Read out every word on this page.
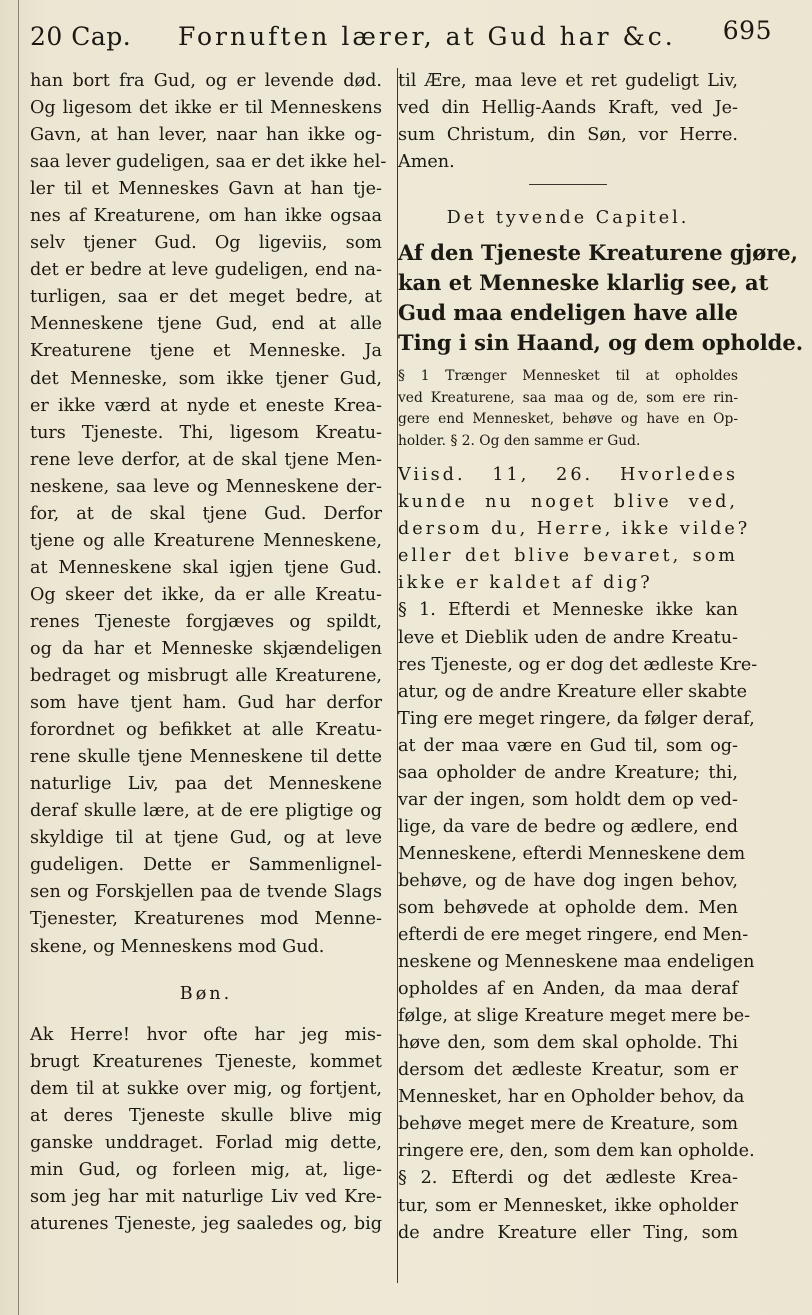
20 Cap. Fornuften lærer, at Gud har &c. 695
han bort fra Gud, og er levende død.
Og ligesom det ikke er til Menneskens
Gavn, at han lever, naar han ikke og-
saa lever gudeligen, saa er det ikke hel-
ler til et Menneskes Gavn at han tje-
nes af Kreaturene, om han ikke ogsaa
selv tjener Gud. Og ligeviis, som
det er bedre at leve gudeligen, end na-
turligen, saa er det meget bedre, at
Menneskene tjene Gud, end at alle
Kreaturene tjene et Menneske. Ja
det Menneske, som ikke tjener Gud,
er ikke værd at nyde et eneste Krea-
turs Tjeneste. Thi, ligesom Kreatu-
rene leve derfor, at de skal tjene Men-
neskene, saa leve og Menneskene der-
for, at de skal tjene Gud. Derfor
tjene og alle Kreaturene Menneskene,
at Menneskene skal igjen tjene Gud.
Og skeer det ikke, da er alle Kreatu-
renes Tjeneste forgjæves og spildt,
og da har et Menneske skjændeligen
bedraget og misbrugt alle Kreaturene,
som have tjent ham. Gud har derfor
forordnet og befikket at alle Kreatu-
rene skulle tjene Menneskene til dette
naturlige Liv, paa det Menneskene
deraf skulle lære, at de ere pligtige og
skyldige til at tjene Gud, og at leve
gudeligen. Dette er Sammenlignel-
sen og Forskjellen paa de tvende Slags
Tjenester, Kreaturenes mod Menne-
skene, og Menneskens mod Gud.
Bøn.
Ak Herre! hvor ofte har jeg mis-
brugt Kreaturenes Tjeneste, kommet
dem til at sukke over mig, og fortjent,
at deres Tjeneste skulle blive mig
ganske unddraget. Forlad mig dette,
min Gud, og forleen mig, at, lige-
som jeg har mit naturlige Liv ved Kre-
aturenes Tjeneste, jeg saaledes og, big
til Ære, maa leve et ret gudeligt Liv,
ved din Hellig-Aands Kraft, ved Je-
sum Christum, din Søn, vor Herre.
Amen.
Det tyvende Capitel.
Af den Tjeneste Kreaturene gjøre,
kan et Menneske klarlig see, at
Gud maa endeligen have alle
Ting i sin Haand, og dem opholde.
§ 1 Trænger Mennesket til at opholdes
ved Kreaturene, saa maa og de, som ere rin-
gere end Mennesket, behøve og have en Op-
holder. § 2. Og den samme er Gud.
Viisd. 11, 26. Hvorledes
kunde nu noget blive ved,
dersom du, Herre, ikke vilde?
eller det blive bevaret, som
ikke er kaldet af dig?
§ 1. Efterdi et Menneske ikke kan
leve et Dieblik uden de andre Kreatu-
res Tjeneste, og er dog det ædleste Kre-
atur, og de andre Kreature eller skabte
Ting ere meget ringere, da følger deraf,
at der maa være en Gud til, som og-
saa opholder de andre Kreature; thi,
var der ingen, som holdt dem op ved-
lige, da vare de bedre og ædlere, end
Menneskene, efterdi Menneskene dem
behøve, og de have dog ingen behov,
som behøvede at opholde dem. Men
efterdi de ere meget ringere, end Men-
neskene og Menneskene maa endeligen
opholdes af en Anden, da maa deraf
følge, at slige Kreature meget mere be-
høve den, som dem skal opholde. Thi
dersom det ædleste Kreatur, som er
Mennesket, har en Opholder behov, da
behøve meget mere de Kreature, som
ringere ere, den, som dem kan opholde.
§ 2. Efterdi og det ædleste Krea-
tur, som er Mennesket, ikke opholder
de andre Kreature eller Ting, som
